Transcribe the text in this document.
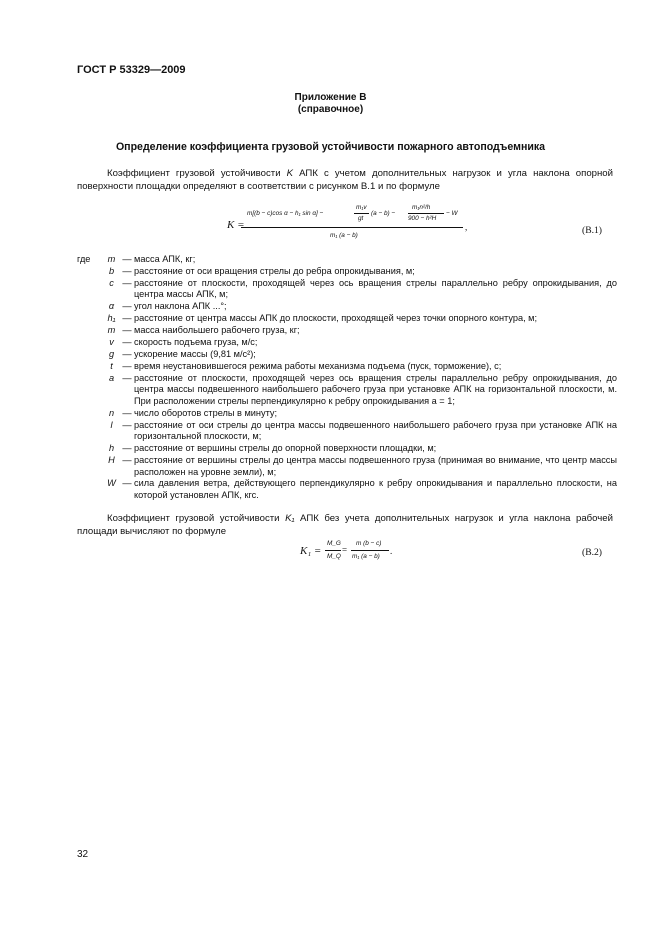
ГОСТ Р 53329—2009
Приложение В
(справочное)
Определение коэффициента грузовой устойчивости пожарного автоподъемника
Коэффициент грузовой устойчивости K АПК с учетом дополнительных нагрузок и угла наклона опорной поверхности площадки определяют в соответствии с рисунком В.1 и по формуле
K =
m[(b − c)cos α − h₁ sin α] −
m₁v
gt
(a − b) −
m₁n²/h
900 − h²H
− W
m₁ (a − b)
,	(В.1)
где	m — масса АПК, кг;
b — расстояние от оси вращения стрелы до ребра опрокидывания, м;
c — расстояние от плоскости, проходящей через ось вращения стрелы параллельно ребру опрокидывания, до центра массы АПК, м;
α — угол наклона АПК ...°;
h₁ — расстояние от центра массы АПК до плоскости, проходящей через точки опорного контура, м;
m — масса наибольшего рабочего груза, кг;
v — скорость подъема груза, м/с;
g — ускорение массы (9,81 м/с²);
t	— время неустановившегося режима работы механизма подъема (пуск, торможение), с;
a — расстояние от плоскости, проходящей через ось вращения стрелы параллельно ребру опрокидывания, до центра массы подвешенного наибольшего рабочего груза при установке АПК на горизонтальной плоскости, м. При расположении стрелы перпендикулярно к ребру опрокидывания a = 1;
n — число оборотов стрелы в минуту;
l	— расстояние от оси стрелы до центра массы подвешенного наибольшего рабочего груза при установке АПК на горизонтальной плоскости, м;
h — расстояние от вершины стрелы до опорной поверхности площадки, м;
H — расстояние от вершины стрелы до центра массы подвешенного груза (принимая во внимание, что центр массы расположен на уровне земли), м;
W — сила давления ветра, действующего перпендикулярно к ребру опрокидывания и параллельно плоскости, на которой установлен АПК, кгс.
Коэффициент грузовой устойчивости K₁ АПК без учета дополнительных нагрузок и угла наклона рабочей площади вычисляют по формуле
K₁ =
M_G
M_Q
=
m (b − c)
m₁ (a − b)
.	(В.2)
32
